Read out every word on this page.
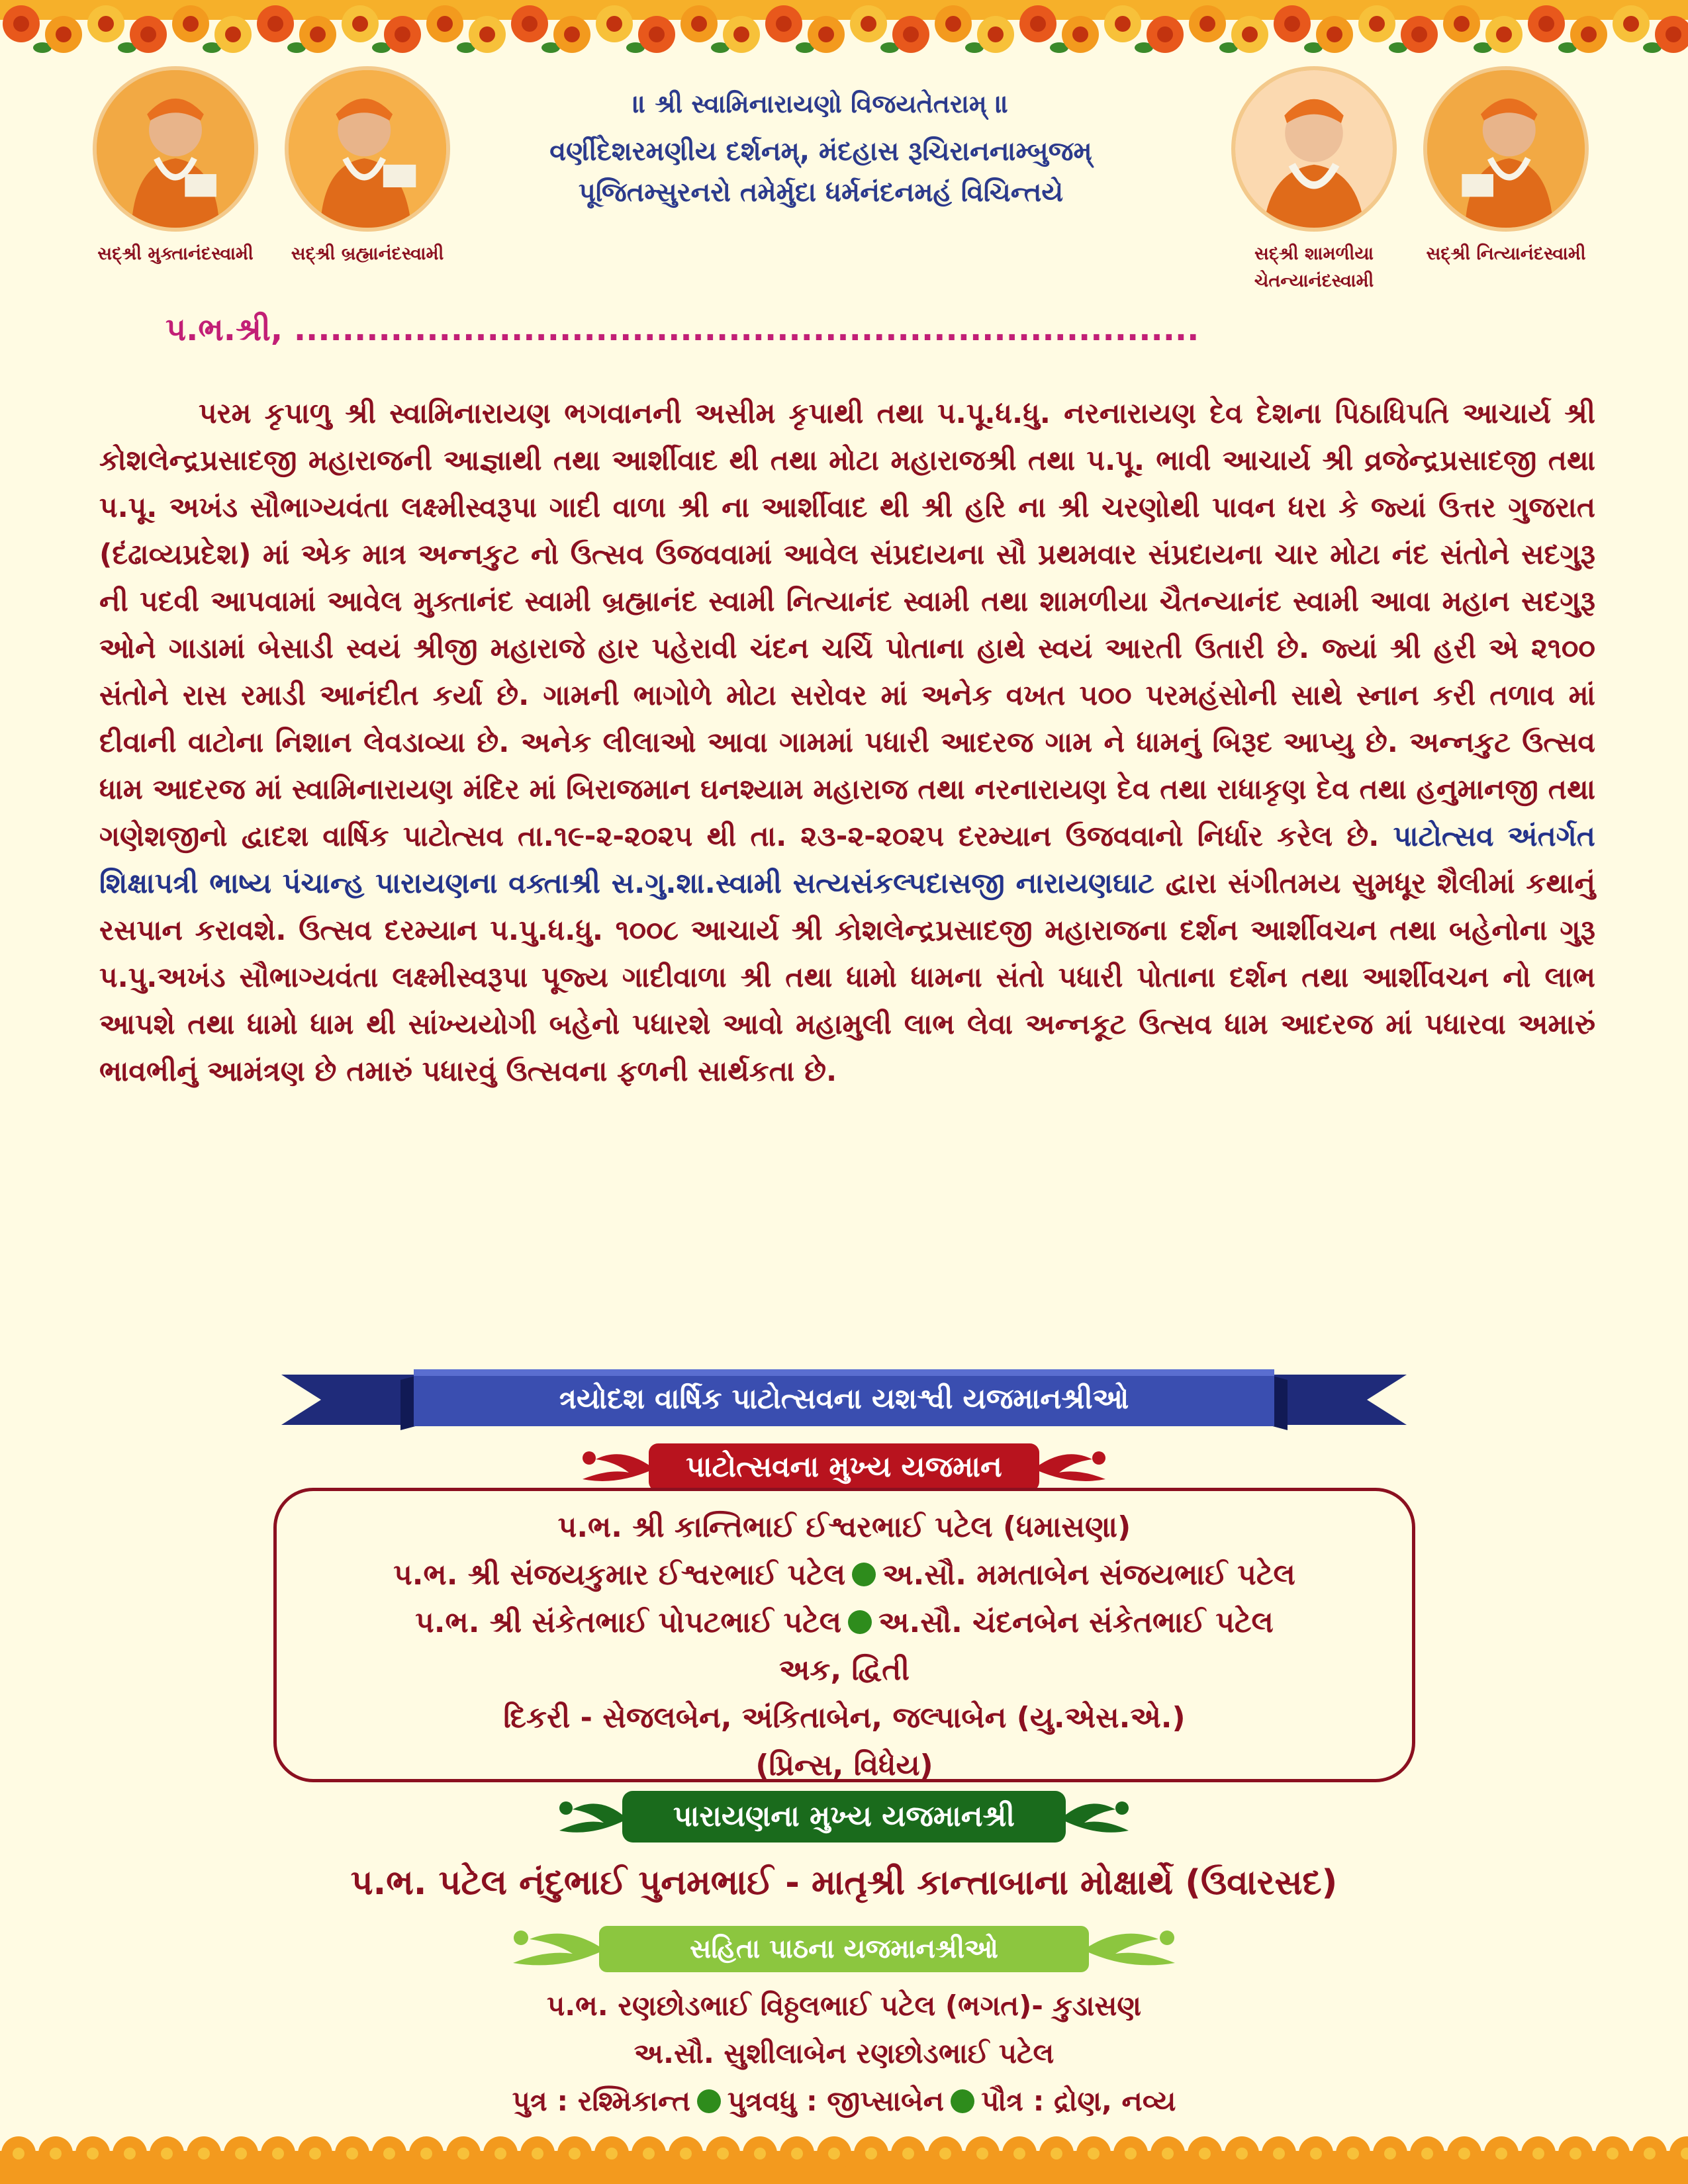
સદ્શ્રી મુક્તાનંદસ્વામી	સદ્શ્રી બ્રહ્માનંદસ્વામી	સદ્શ્રી શામળીયા
ચેતન્યાનંદસ્વામી
સદ્શ્રી નિત્યાનંદસ્વામી
॥ શ્રી સ્વામિનારાયણો વિજયતેતરામ્ ॥
વર્ણીદેશરમણીય દર્શનમ્, મંદહાસ રૂચિરાનનામ્બુજમ્
પૂજિતમ્સુરનરો તમેર્મુદા ધર્મનંદનમહં વિચિન્તયે
પ.ભ.શ્રી, ...........................................................................

પરમ કૃપાળુ શ્રી સ્વામિનારાયણ ભગવાનની અસીમ કૃપાથી તથા પ.પૂ.ધ.ધુ. નરનારાયણ દેવ દેશના પિઠાધિપતિ આચાર્ય શ્રી કોશલેન્દ્રપ્રસાદજી મહારાજની આજ્ઞાથી તથા આર્શીવાદ થી તથા મોટા મહારાજશ્રી તથા પ.પૂ. ભાવી આચાર્ય શ્રી વ્રજેન્દ્રપ્રસાદજી તથા પ.પૂ. અખંડ સૌભાગ્યવંતા લક્ષ્મીસ્વરૂપા ગાદી વાળા શ્રી ના આર્શીવાદ થી શ્રી હરિ ના શ્રી ચરણોથી પાવન ધરા કે જ્યાં ઉત્તર ગુજરાત (દંઢાવ્યપ્રદેશ) માં એક માત્ર અન્નકુટ નો ઉત્સવ ઉજવવામાં આવેલ સંપ્રદાયના સૌ પ્રથમવાર સંપ્રદાયના ચાર મોટા નંદ સંતોને સદગુરૂ ની પદવી આપવામાં આવેલ મુક્તાનંદ સ્વામી બ્રહ્માનંદ સ્વામી નિત્યાનંદ સ્વામી તથા શામળીયા ચૈતન્યાનંદ સ્વામી આવા મહાન સદગુરૂ ઓને ગાડામાં બેસાડી સ્વયં શ્રીજી મહારાજે હાર પહેરાવી ચંદન ચર્ચિ પોતાના હાથે સ્વયં આરતી ઉતારી છે. જ્યાં શ્રી હરી એ ૨૧૦૦ સંતોને રાસ રમાડી આનંદીત કર્યા છે. ગામની ભાગોળે મોટા સરોવર માં અનેક વખત ૫૦૦ પરમહંસોની સાથે સ્નાન કરી તળાવ માં દીવાની વાટોના નિશાન લેવડાવ્યા છે. અનેક લીલાઓ આવા ગામમાં પધારી આદરજ ગામ ને ધામનું બિરૂદ આપ્યુ છે. અન્નકુટ ઉત્સવ ધામ આદરજ માં સ્વામિનારાયણ મંદિર માં બિરાજમાન ઘનશ્યામ મહારાજ તથા નરનારાયણ દેવ તથા રાધાકૃણ દેવ તથા હનુમાનજી તથા ગણેશજીનો દ્વાદશ વાર્ષિક પાટોત્સવ તા.૧૯-૨-૨૦૨૫ થી તા. ૨૩-૨-૨૦૨૫ દરમ્યાન ઉજવવાનો નિર્ધાર કરેલ છે. પાટોત્સવ અંતર્ગત શિક્ષાપત્રી ભાષ્ય પંચાન્હ પારાયણના વક્તાશ્રી સ.ગુ.શા.સ્વામી સત્યસંકલ્પદાસજી નારાયણઘાટ દ્વારા સંગીતમય સુમધૂર શૈલીમાં કથાનું રસપાન કરાવશે. ઉત્સવ દરમ્યાન પ.પુ.ધ.ધુ. ૧૦૦૮ આચાર્ય શ્રી કોશલેન્દ્રપ્રસાદજી મહારાજના દર્શન આર્શીવચન તથા બહેનોના ગુરૂ પ.પુ.અખંડ સૌભાગ્યવંતા લક્ષ્મીસ્વરૂપા પૂજ્ય ગાદીવાળા શ્રી તથા ધામો ધામના સંતો પધારી પોતાના દર્શન તથા આર્શીવચન નો લાભ આપશે તથા ધામો ધામ થી સાંખ્યયોગી બહેનો પધારશે આવો મહામુલી લાભ લેવા અન્નકૂટ ઉત્સવ ધામ આદરજ માં પધારવા અમારું ભાવભીનું આમંત્રણ છે તમારું પધારવું ઉત્સવના ફળની સાર્થકતા છે.

ત્રયોદશ વાર્ષિક પાટોત્સવના યશશ્વી યજમાનશ્રીઓ
પાટોત્સવના મુખ્ય યજમાન
પ.ભ. શ્રી કાન્તિભાઈ ઈશ્વરભાઈ પટેલ (ધમાસણા)
પ.ભ. શ્રી સંજયકુમાર ઈશ્વરભાઈ પટેલ અ.સૌ. મમતાબેન સંજયભાઈ પટેલ
પ.ભ. શ્રી સંકેતભાઈ પોપટભાઈ પટેલ અ.સૌ. ચંદનબેન સંકેતભાઈ પટેલ
અક, દ્વિતી
દિકરી - સેજલબેન, અંકિતાબેન, જલ્પાબેન (યુ.એસ.એ.)
(પ્રિન્સ, વિધેય)
પારાયણના મુખ્ય યજમાનશ્રી
પ.ભ. પટેલ નંદુભાઈ પુનમભાઈ - માતૃશ્રી કાન્તાબાના મોક્ષાર્થે (ઉવારસદ)
સહિતા પાઠના યજમાનશ્રીઓ
પ.ભ. રણછોડભાઈ વિઠ્ઠલભાઈ પટેલ (ભગત)- કુડાસણ
અ.સૌ. સુશીલાબેન રણછોડભાઈ પટેલ
પુત્ર : રશ્મિકાન્ત પુત્રવધુ : જીપ્સાબેન પૌત્ર : દ્રોણ, નવ્ય
